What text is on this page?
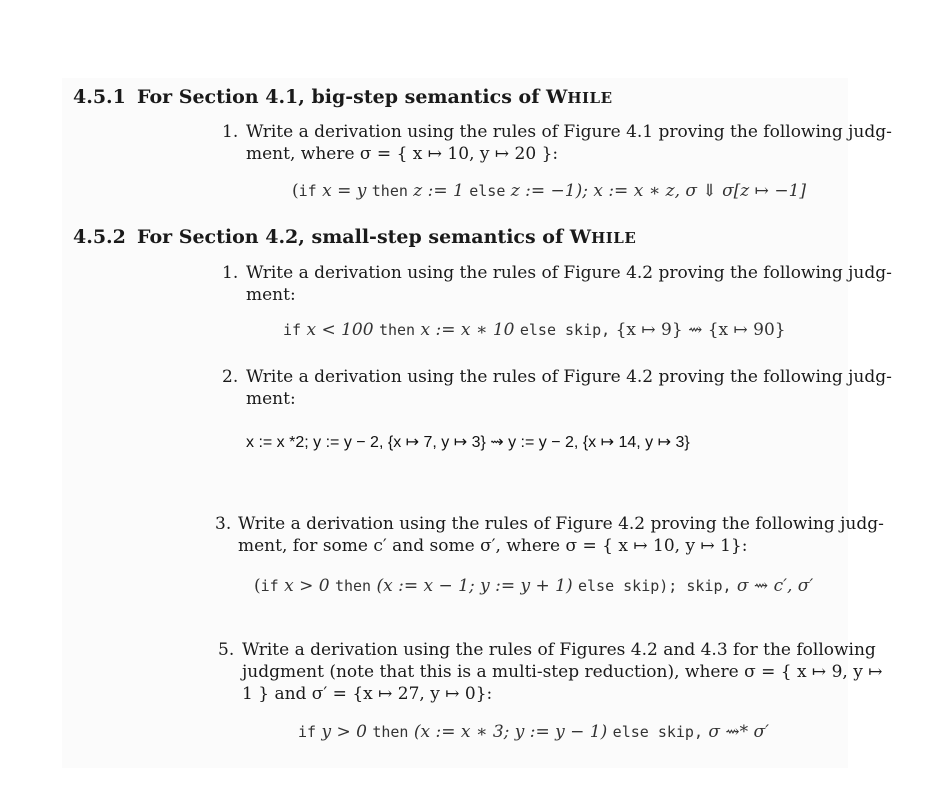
4.5.1 For Section 4.1, big-step semantics of WHILE
1. Write a derivation using the rules of Figure 4.1 proving the following judg-
ment, where σ = { x ↦ 10, y ↦ 20 }:
(if x = y then z := 1 else z := −1); x := x ∗ z, σ ⇓ σ[z ↦ −1]
4.5.2 For Section 4.2, small-step semantics of WHILE
1. Write a derivation using the rules of Figure 4.2 proving the following judg-
ment:
if x < 100 then x := x ∗ 10 else skip, {x ↦ 9} ⇝ {x ↦ 90}
2. Write a derivation using the rules of Figure 4.2 proving the following judg-
ment:
x := x *2; y := y − 2, {x ↦ 7, y ↦ 3} ⇝ y := y − 2, {x ↦ 14, y ↦ 3}
3. Write a derivation using the rules of Figure 4.2 proving the following judg-
ment, for some c′ and some σ′, where σ = { x ↦ 10, y ↦ 1}:
(if x > 0 then (x := x − 1; y := y + 1) else skip); skip, σ ⇝ c′, σ′
5. Write a derivation using the rules of Figures 4.2 and 4.3 for the following
judgment (note that this is a multi-step reduction), where σ = { x ↦ 9, y ↦
1 } and σ′ = {x ↦ 27, y ↦ 0}:
if y > 0 then (x := x ∗ 3; y := y − 1) else skip, σ ⇝* σ′
